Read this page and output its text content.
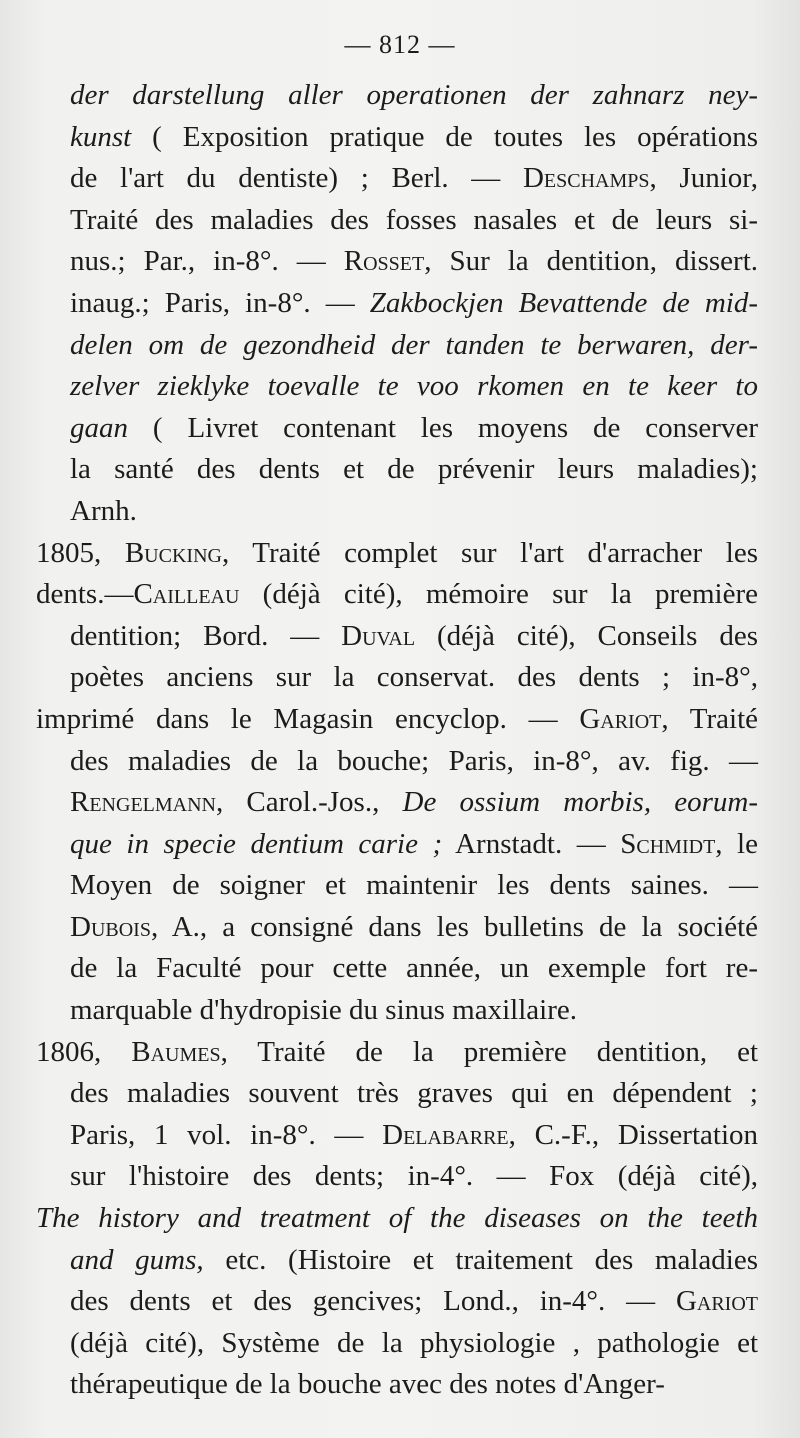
— 812 —
der darstellung aller operationen der zahnarz ney-
kunst ( Exposition pratique de toutes les opérations
de l'art du dentiste) ; Berl. — Deschamps, Junior,
Traité des maladies des fosses nasales et de leurs si-
nus.; Par., in-8°. — Rosset, Sur la dentition, dissert.
inaug.; Paris, in-8°. — Zakbockjen Bevattende de mid-
delen om de gezondheid der tanden te berwaren, der-
zelver zieklyke toevalle te voo rkomen en te keer to
gaan ( Livret contenant les moyens de conserver
la santé des dents et de prévenir leurs maladies);
Arnh.
1805, Bucking, Traité complet sur l'art d'arracher les
dents.—Cailleau (déjà cité), mémoire sur la première
dentition; Bord. — Duval (déjà cité), Conseils des
poètes anciens sur la conservat. des dents ; in-8°,
imprimé dans le Magasin encyclop. — Gariot, Traité
des maladies de la bouche; Paris, in-8°, av. fig. —
Rengelmann, Carol.-Jos., De ossium morbis, eorum-
que in specie dentium carie ; Arnstadt. — Schmidt, le
Moyen de soigner et maintenir les dents saines. —
Dubois, A., a consigné dans les bulletins de la société
de la Faculté pour cette année, un exemple fort re-
marquable d'hydropisie du sinus maxillaire.
1806, Baumes, Traité de la première dentition, et
des maladies souvent très graves qui en dépendent ;
Paris, 1 vol. in-8°. — Delabarre, C.-F., Dissertation
sur l'histoire des dents; in-4°. — Fox (déjà cité),
The history and treatment of the diseases on the teeth
and gums, etc. (Histoire et traitement des maladies
des dents et des gencives; Lond., in-4°. — Gariot
(déjà cité), Système de la physiologie , pathologie et
thérapeutique de la bouche avec des notes d'Anger-
